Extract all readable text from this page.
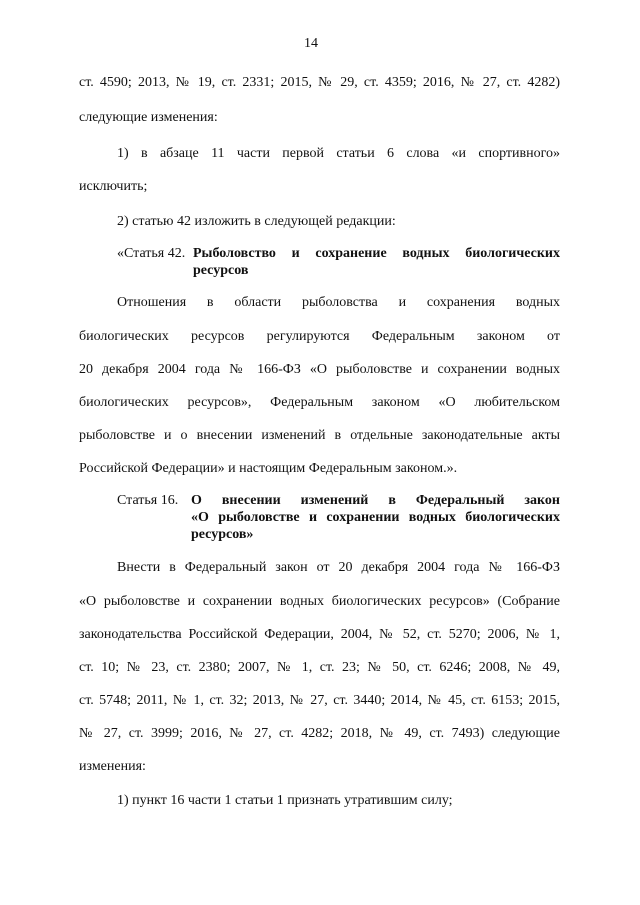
14
ст. 4590; 2013, № 19, ст. 2331; 2015, № 29, ст. 4359; 2016, № 27, ст. 4282)
следующие изменения:
1) в абзаце 11 части первой статьи 6 слова «и спортивного»
исключить;
2) статью 42 изложить в следующей редакции:
«Статья 42. Рыболовство и сохранение водных биологических
ресурсов
Отношения в области рыболовства и сохранения водных
биологических ресурсов регулируются Федеральным законом от
20 декабря 2004 года № 166-ФЗ «О рыболовстве и сохранении водных
биологических ресурсов», Федеральным законом «О любительском
рыболовстве и о внесении изменений в отдельные законодательные акты
Российской Федерации» и настоящим Федеральным законом.».
Статья 16. О внесении изменений в Федеральный закон
«О рыболовстве и сохранении водных биологических
ресурсов»
Внести в Федеральный закон от 20 декабря 2004 года № 166-ФЗ
«О рыболовстве и сохранении водных биологических ресурсов» (Собрание
законодательства Российской Федерации, 2004, № 52, ст. 5270; 2006, № 1,
ст. 10; № 23, ст. 2380; 2007, № 1, ст. 23; № 50, ст. 6246; 2008, № 49,
ст. 5748; 2011, № 1, ст. 32; 2013, № 27, ст. 3440; 2014, № 45, ст. 6153; 2015,
№ 27, ст. 3999; 2016, № 27, ст. 4282; 2018, № 49, ст. 7493) следующие
изменения:
1) пункт 16 части 1 статьи 1 признать утратившим силу;
